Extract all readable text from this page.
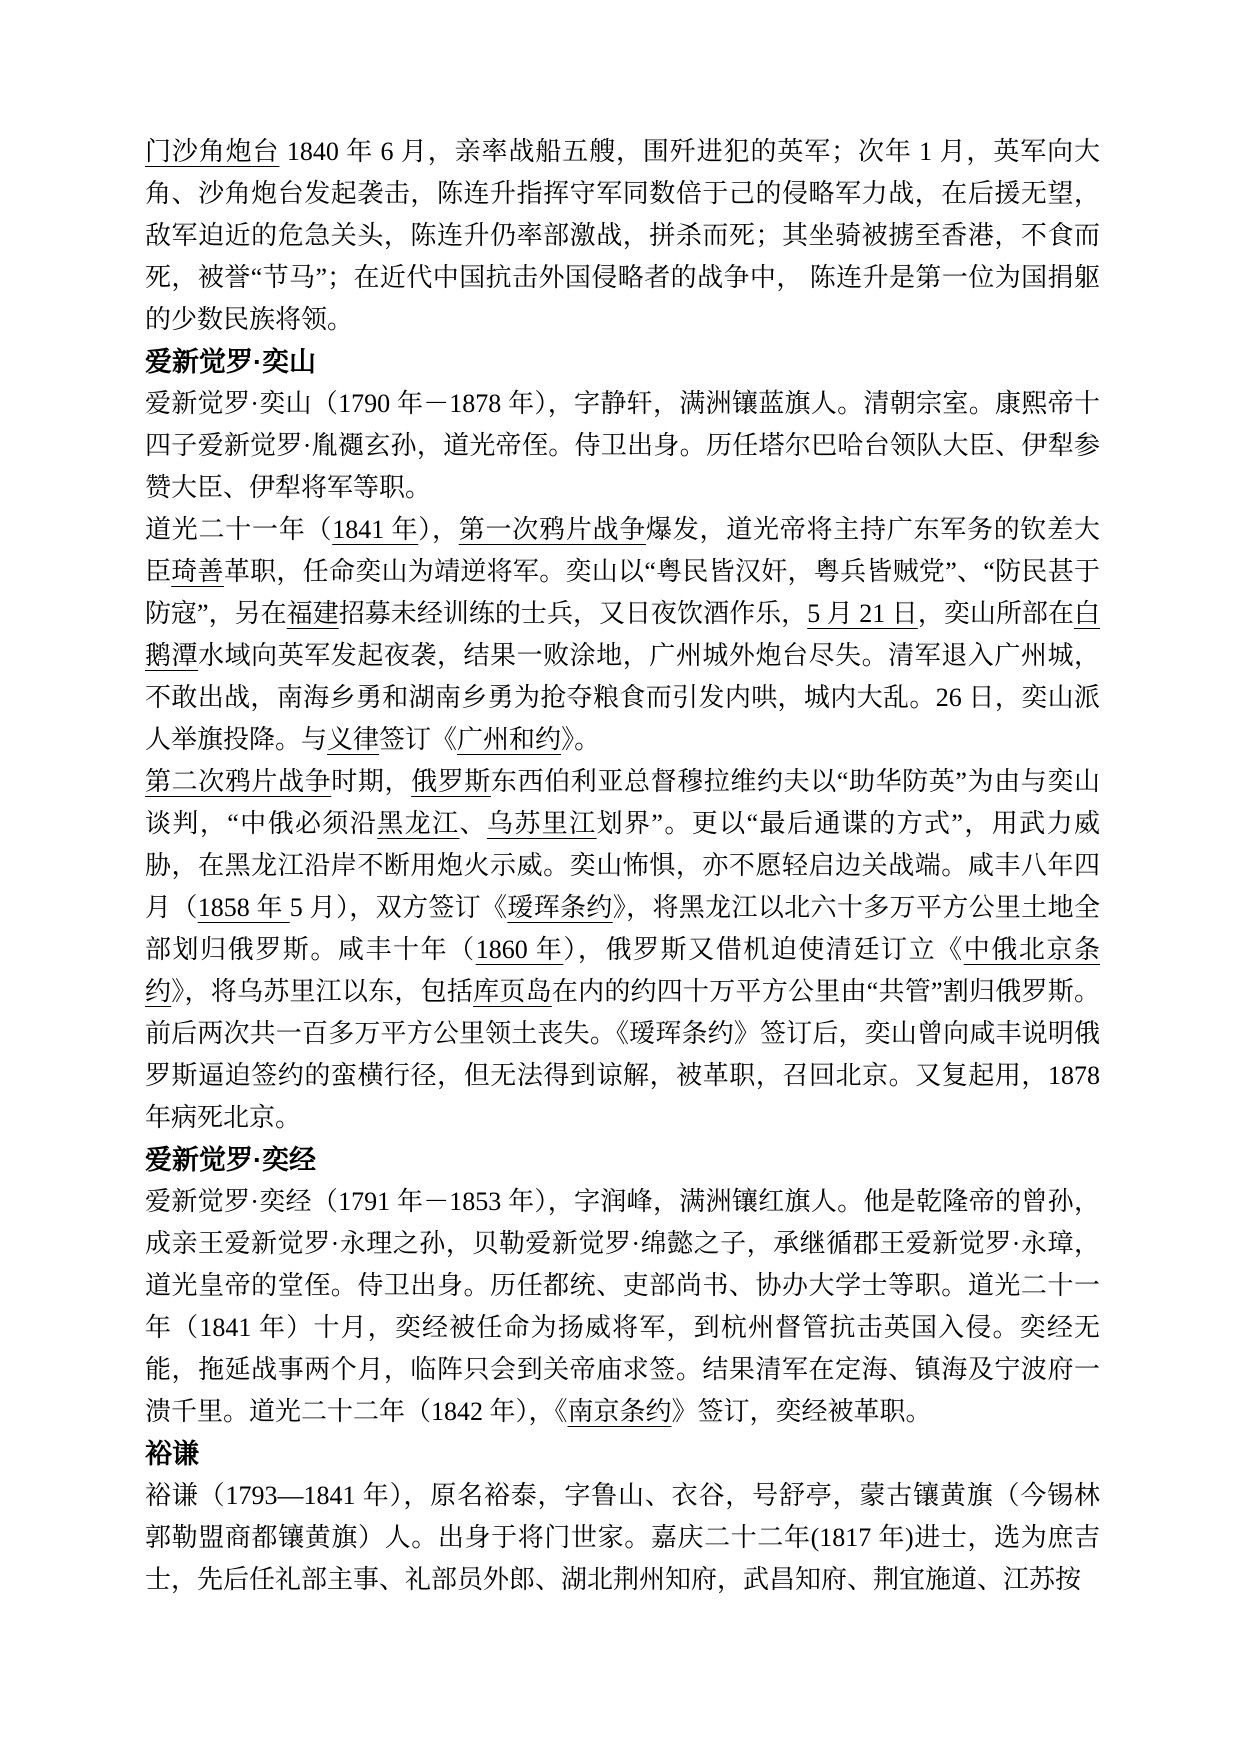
门沙角炮台 1840 年 6 月，亲率战船五艘，围歼进犯的英军；次年 1 月，英军向大角、沙角炮台发起袭击，陈连升指挥守军同数倍于己的侵略军力战，在后援无望，敌军迫近的危急关头，陈连升仍率部激战，拼杀而死；其坐骑被掳至香港，不食而死，被誉“节马”；在近代中国抗击外国侵略者的战争中， 陈连升是第一位为国捐躯的少数民族将领。

爱新觉罗·奕山

爱新觉罗·奕山（1790 年－1878 年），字静轩，满洲镶蓝旗人。清朝宗室。康熙帝十四子爱新觉罗·胤禵玄孙，道光帝侄。侍卫出身。历任塔尔巴哈台领队大臣、伊犁参赞大臣、伊犁将军等职。

道光二十一年（1841 年），第一次鸦片战争爆发，道光帝将主持广东军务的钦差大臣琦善革职，任命奕山为靖逆将军。奕山以“粤民皆汉奸，粤兵皆贼党”、“防民甚于防寇”，另在福建招募未经训练的士兵，又日夜饮酒作乐，5 月 21 日，奕山所部在白鹅潭水域向英军发起夜袭，结果一败涂地，广州城外炮台尽失。清军退入广州城，不敢出战，南海乡勇和湖南乡勇为抢夺粮食而引发内哄，城内大乱。26 日，奕山派人举旗投降。与义律签订《广州和约》。

第二次鸦片战争时期，俄罗斯东西伯利亚总督穆拉维约夫以“助华防英”为由与奕山谈判，“中俄必须沿黑龙江、乌苏里江划界”。更以“最后通谍的方式”，用武力威胁，在黑龙江沿岸不断用炮火示威。奕山怖惧，亦不愿轻启边关战端。咸丰八年四月（1858 年 5 月），双方签订《瑷珲条约》，将黑龙江以北六十多万平方公里土地全部划归俄罗斯。咸丰十年（1860 年），俄罗斯又借机迫使清廷订立《中俄北京条约》，将乌苏里江以东，包括库页岛在内的约四十万平方公里由“共管”割归俄罗斯。前后两次共一百多万平方公里领土丧失。《瑷珲条约》签订后，奕山曾向咸丰说明俄罗斯逼迫签约的蛮横行径，但无法得到谅解，被革职，召回北京。又复起用，1878 年病死北京。

爱新觉罗·奕经

爱新觉罗·奕经（1791 年－1853 年），字润峰，满洲镶红旗人。他是乾隆帝的曾孙，成亲王爱新觉罗·永理之孙，贝勒爱新觉罗·绵懿之子，承继循郡王爱新觉罗·永璋，道光皇帝的堂侄。侍卫出身。历任都统、吏部尚书、协办大学士等职。道光二十一年（1841 年）十月，奕经被任命为扬威将军，到杭州督管抗击英国入侵。奕经无能，拖延战事两个月，临阵只会到关帝庙求签。结果清军在定海、镇海及宁波府一溃千里。道光二十二年（1842 年），《南京条约》签订，奕经被革职。

裕谦

裕谦（1793—1841 年），原名裕泰，字鲁山、衣谷，号舒亭，蒙古镶黄旗（今锡林郭勒盟商都镶黄旗）人。出身于将门世家。嘉庆二十二年(1817 年)进士，选为庶吉士，先后任礼部主事、礼部员外郎、湖北荆州知府，武昌知府、荆宜施道、江苏按
